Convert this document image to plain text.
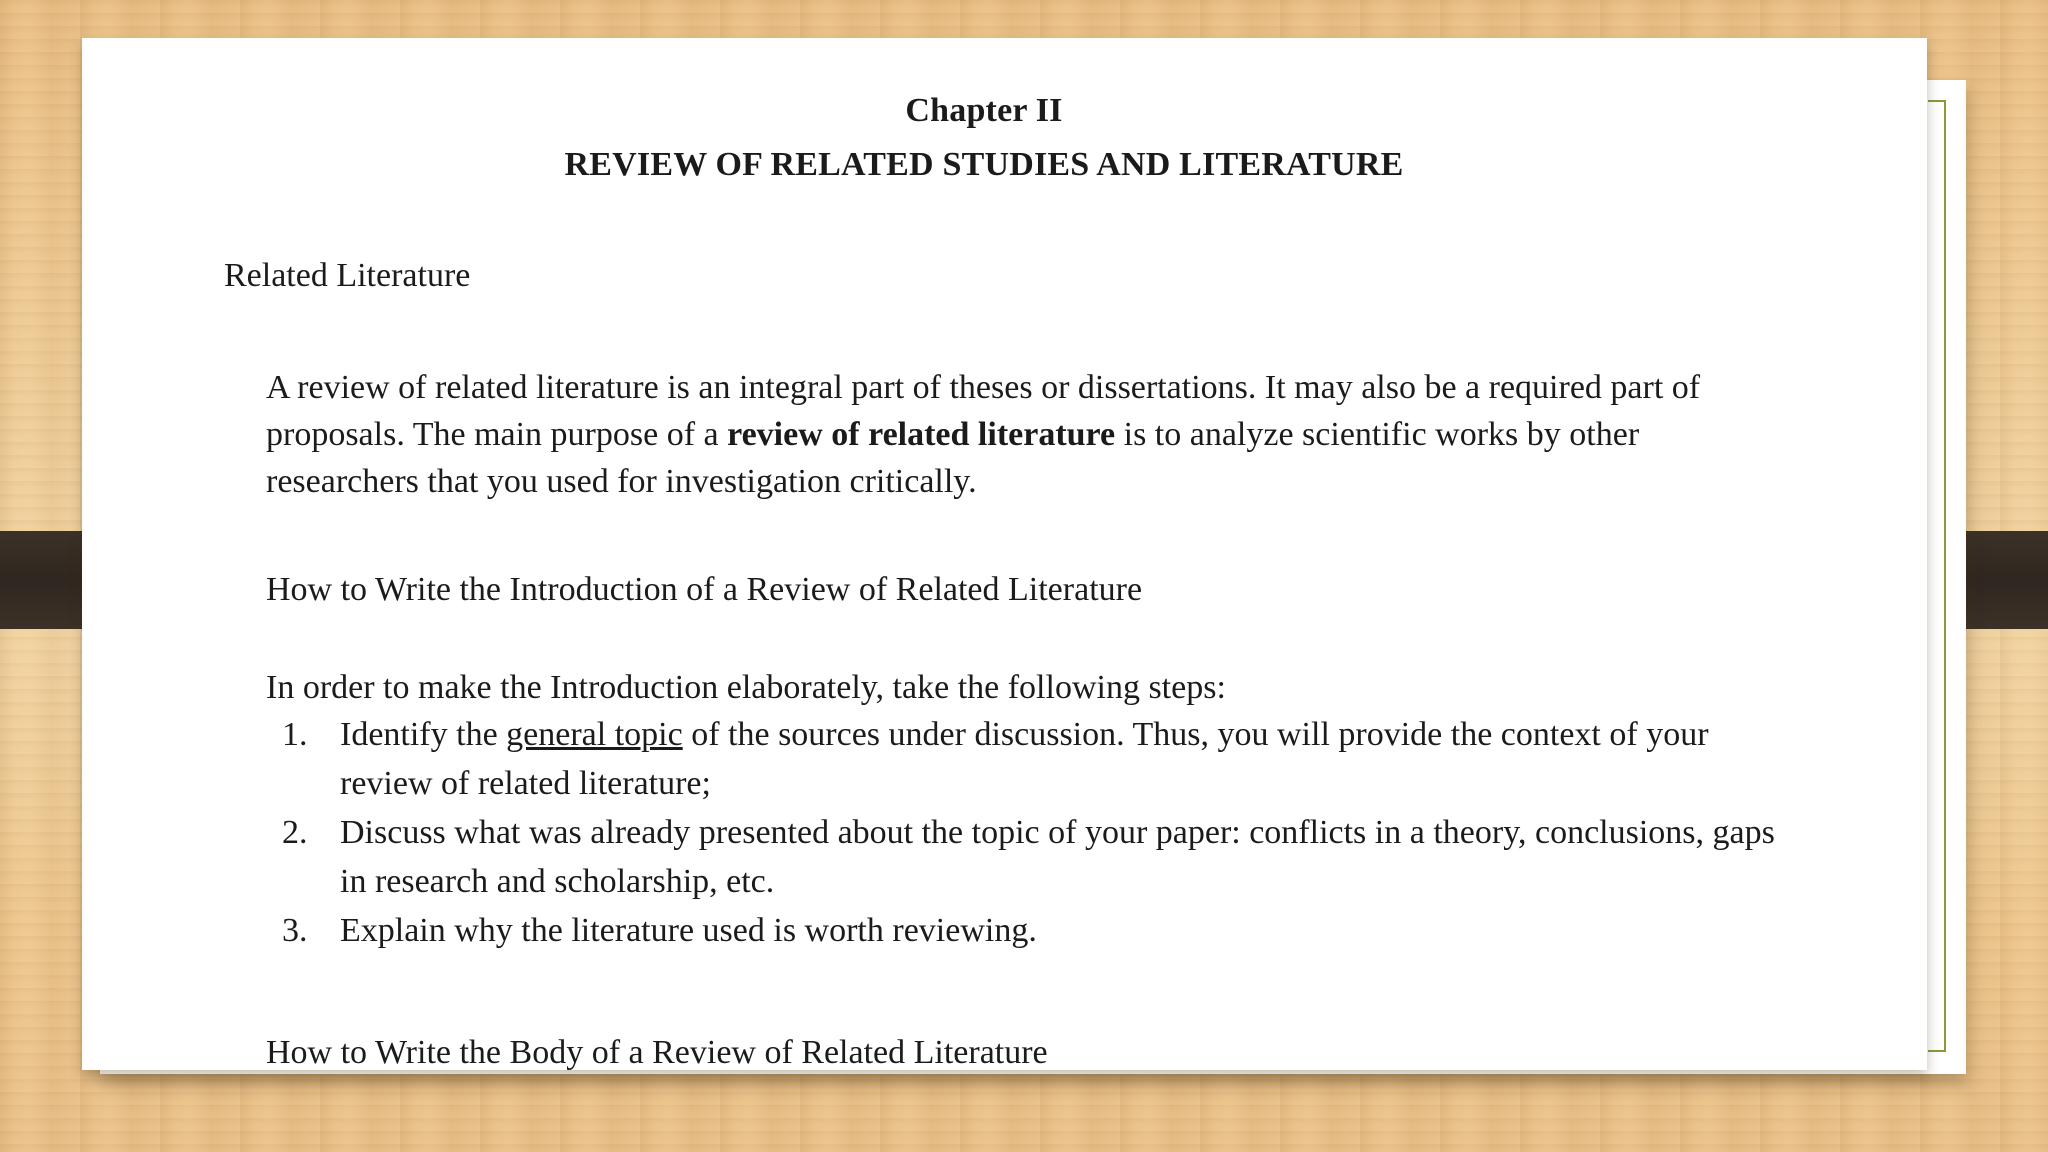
Chapter II
REVIEW OF RELATED STUDIES AND LITERATURE
Related Literature
A review of related literature is an integral part of theses or dissertations. It may also be a required part of proposals. The main purpose of a review of related literature is to analyze scientific works by other researchers that you used for investigation critically.
How to Write the Introduction of a Review of Related Literature
In order to make the Introduction elaborately, take the following steps:
1. Identify the general topic of the sources under discussion. Thus, you will provide the context of your review of related literature;
2. Discuss what was already presented about the topic of your paper: conflicts in a theory, conclusions, gaps in research and scholarship, etc.
3. Explain why the literature used is worth reviewing.
How to Write the Body of a Review of Related Literature
